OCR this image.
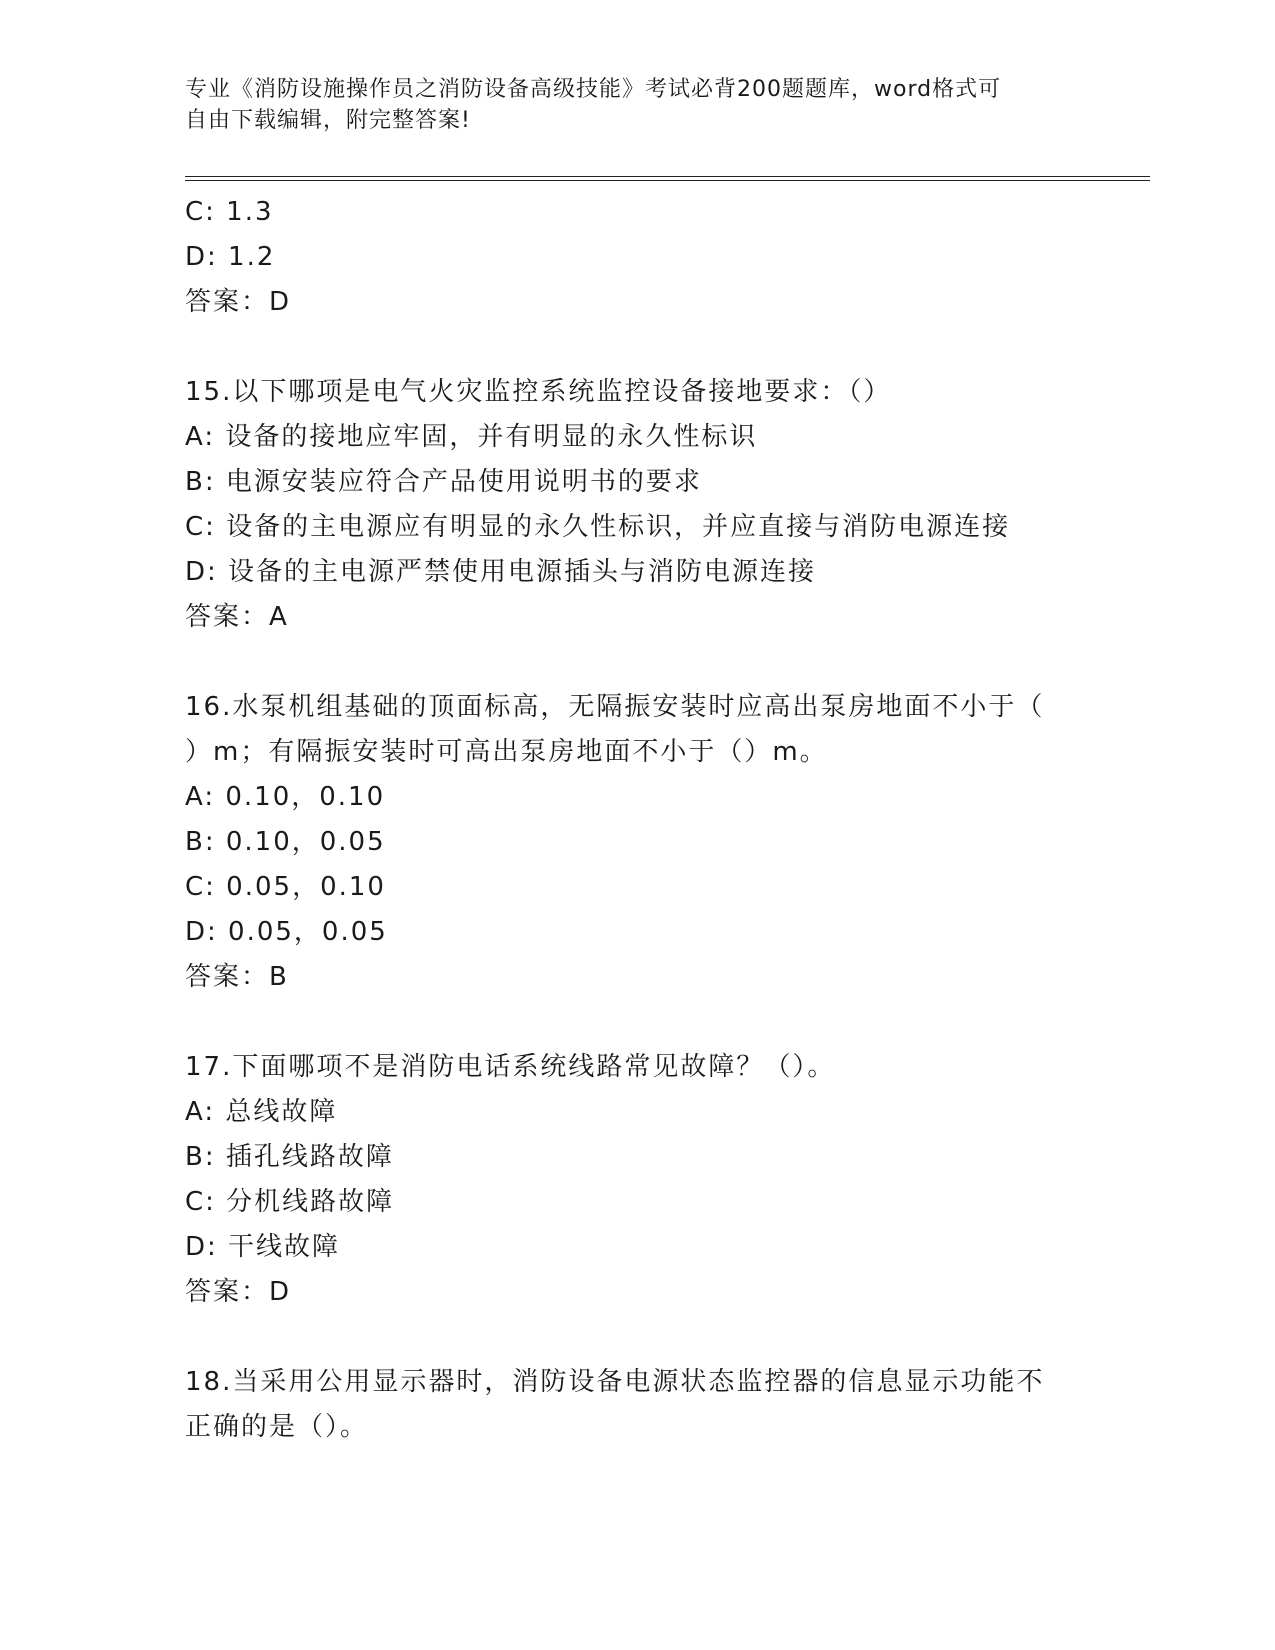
专业《消防设施操作员之消防设备高级技能》考试必背200题题库，word格式可
自由下载编辑，附完整答案!
C: 1.3
D: 1.2
答案：D
15.以下哪项是电气火灾监控系统监控设备接地要求：（）
A: 设备的接地应牢固，并有明显的永久性标识
B: 电源安装应符合产品使用说明书的要求
C: 设备的主电源应有明显的永久性标识，并应直接与消防电源连接
D: 设备的主电源严禁使用电源插头与消防电源连接
答案：A
16.水泵机组基础的顶面标高，无隔振安装时应高出泵房地面不小于（
）m；有隔振安装时可高出泵房地面不小于（）m。
A: 0.10，0.10
B: 0.10，0.05
C: 0.05，0.10
D: 0.05，0.05
答案：B
17.下面哪项不是消防电话系统线路常见故障？（）。
A: 总线故障
B: 插孔线路故障
C: 分机线路故障
D: 干线故障
答案：D
18.当采用公用显示器时，消防设备电源状态监控器的信息显示功能不
正确的是（）。
